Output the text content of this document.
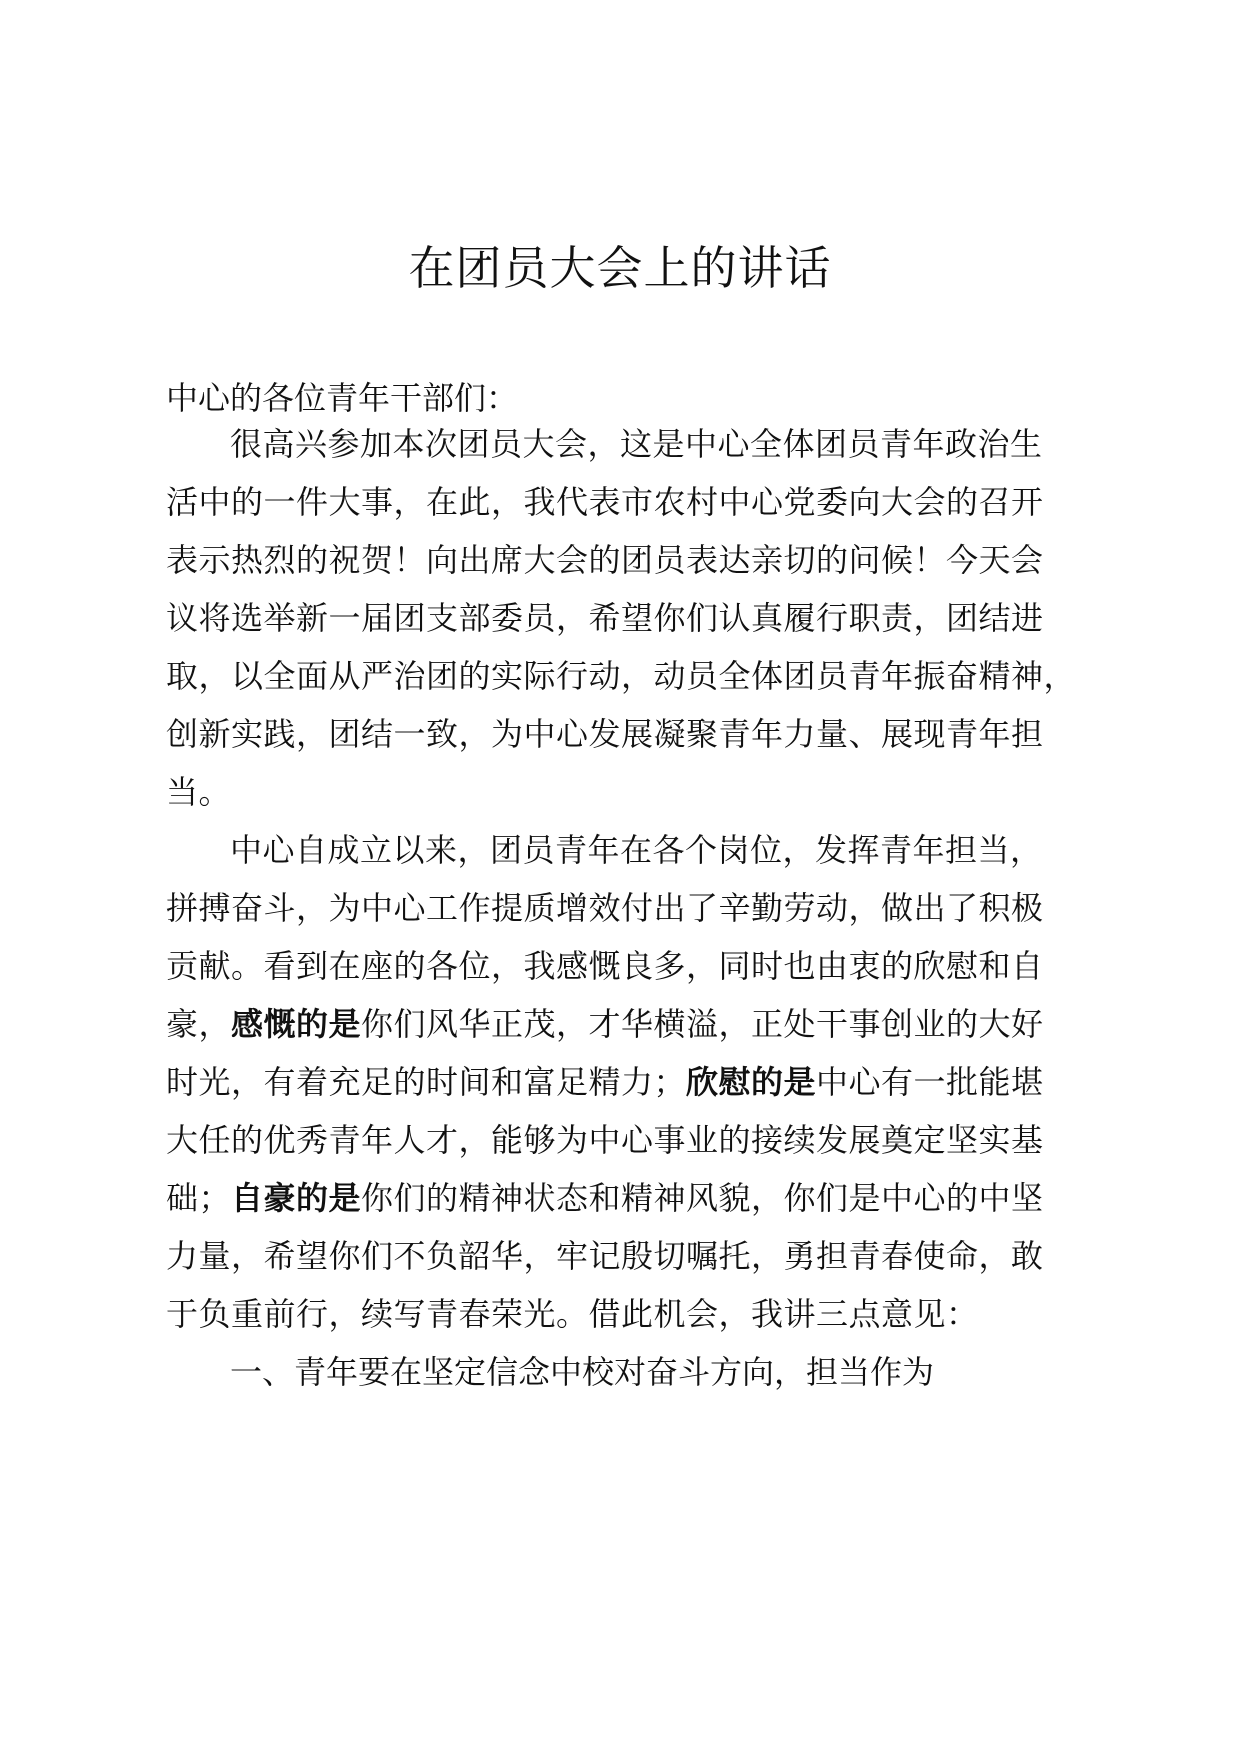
在团员大会上的讲话
中心的各位青年干部们：
很高兴参加本次团员大会，这是中心全体团员青年政治生
活中的一件大事，在此，我代表市农村中心党委向大会的召开
表示热烈的祝贺！向出席大会的团员表达亲切的问候！今天会
议将选举新一届团支部委员，希望你们认真履行职责，团结进
取，以全面从严治团的实际行动，动员全体团员青年振奋精神，
创新实践，团结一致，为中心发展凝聚青年力量、展现青年担
当。
中心自成立以来，团员青年在各个岗位，发挥青年担当，
拼搏奋斗，为中心工作提质增效付出了辛勤劳动，做出了积极
贡献。看到在座的各位，我感慨良多，同时也由衷的欣慰和自
豪，感慨的是你们风华正茂，才华横溢，正处干事创业的大好
时光，有着充足的时间和富足精力；欣慰的是中心有一批能堪
大任的优秀青年人才，能够为中心事业的接续发展奠定坚实基
础；自豪的是你们的精神状态和精神风貌，你们是中心的中坚
力量，希望你们不负韶华，牢记殷切嘱托，勇担青春使命，敢
于负重前行，续写青春荣光。借此机会，我讲三点意见：
一、青年要在坚定信念中校对奋斗方向，担当作为
